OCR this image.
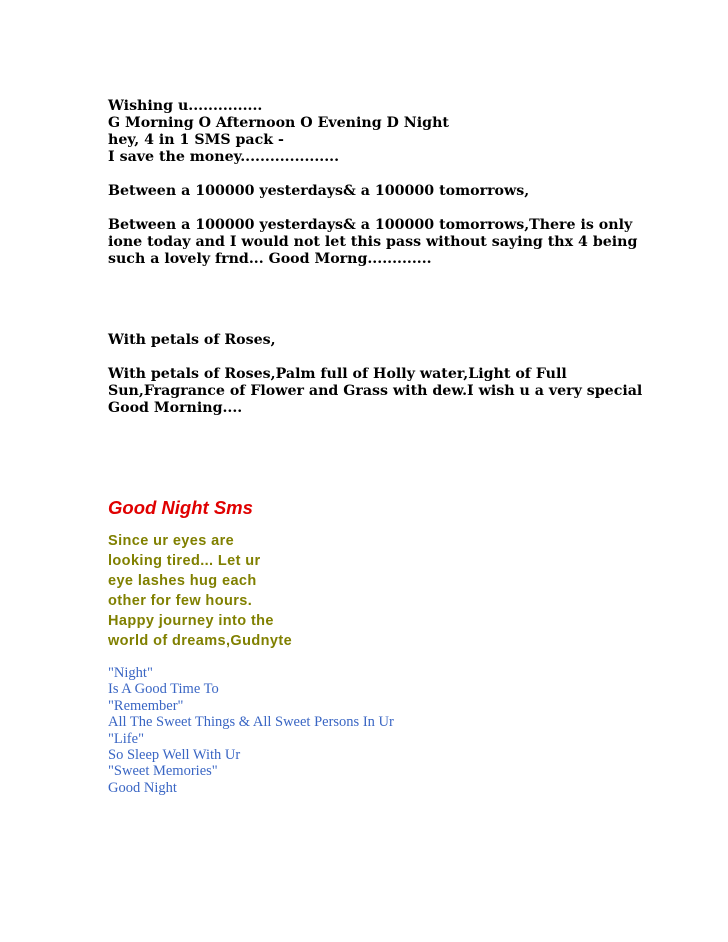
Wishing u...............
G Morning O Afternoon O Evening D Night
hey, 4 in 1 SMS pack -
I save the money....................
Between a 100000 yesterdays& a 100000 tomorrows,
Between a 100000 yesterdays& a 100000 tomorrows,There is only
ione today and I would not let this pass without saying thx 4 being
such a lovely frnd... Good Morng.............
With petals of Roses,
With petals of Roses,Palm full of Holly water,Light of Full
Sun,Fragrance of Flower and Grass with dew.I wish u a very special
Good Morning....
Good Night Sms
Since ur eyes are
looking tired... Let ur
eye lashes hug each
other for few hours.
Happy journey into the
world of dreams,Gudnyte
"Night"
Is A Good Time To
"Remember"
All The Sweet Things & All Sweet Persons In Ur
"Life"
So Sleep Well With Ur
"Sweet Memories"
Good Night
